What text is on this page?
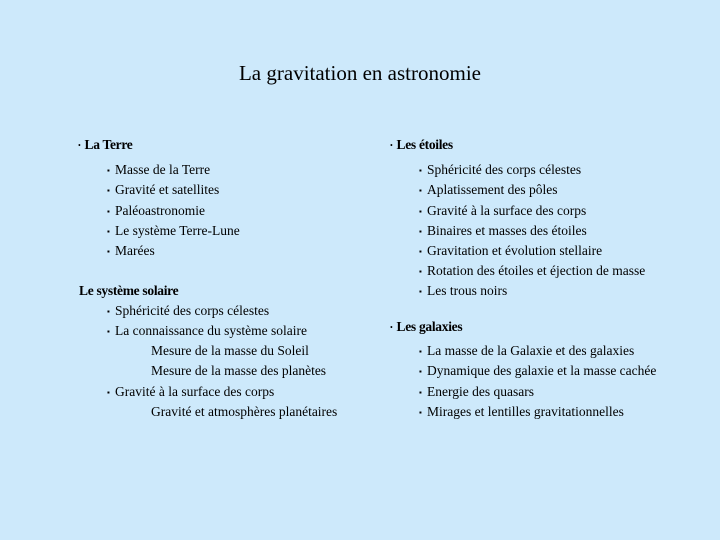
La gravitation en astronomie
• La Terre
▪ Masse de la Terre
▪ Gravité et satellites
▪ Paléoastronomie
▪ Le système Terre-Lune
▪ Marées
Le système solaire
▪ Sphéricité des corps célestes
▪ La connaissance du système solaire
Mesure de la masse du Soleil
Mesure de la masse des planètes
▪ Gravité à la surface des corps
Gravité et atmosphères planétaires
• Les étoiles
▪ Sphéricité des corps célestes
▪ Aplatissement des pôles
▪ Gravité à la surface des corps
▪ Binaires et masses des étoiles
▪ Gravitation et évolution stellaire
▪ Rotation des étoiles et éjection de masse
▪ Les trous noirs
• Les galaxies
▪ La masse de la Galaxie et des galaxies
▪ Dynamique des galaxie et la masse cachée
▪ Energie des quasars
▪ Mirages et lentilles gravitationnelles
